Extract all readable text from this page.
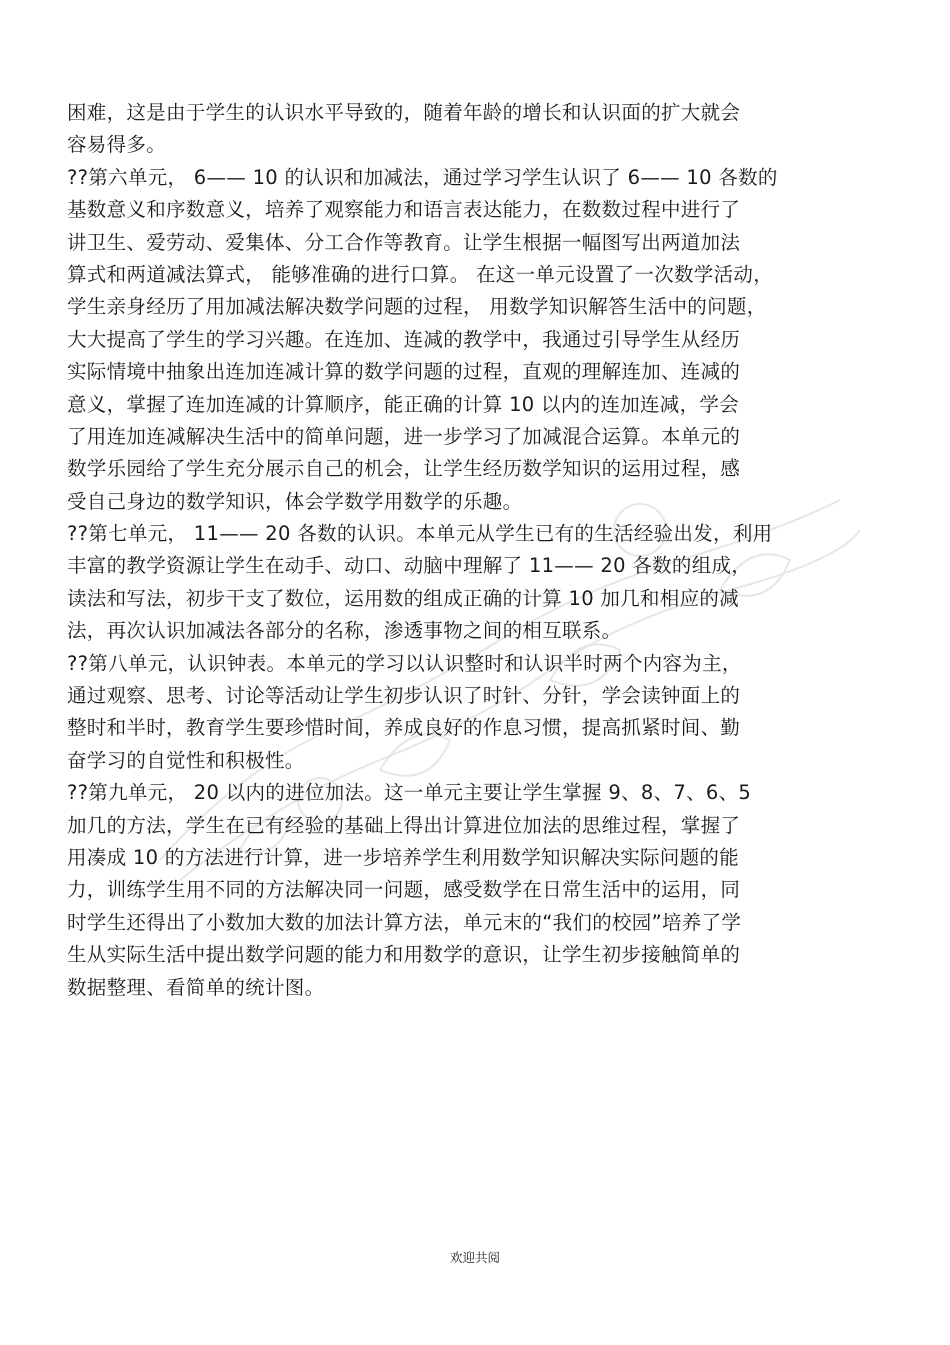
困难，这是由于学生的认识水平导致的，随着年龄的增长和认识面的扩大就会
容易得多。
??第六单元， 6—— 10 的认识和加减法，通过学习学生认识了 6—— 10 各数的
基数意义和序数意义，培养了观察能力和语言表达能力，在数数过程中进行了
讲卫生、爱劳动、爱集体、分工合作等教育。让学生根据一幅图写出两道加法
算式和两道减法算式， 能够准确的进行口算。 在这一单元设置了一次数学活动，
学生亲身经历了用加减法解决数学问题的过程， 用数学知识解答生活中的问题，
大大提高了学生的学习兴趣。在连加、连减的教学中，我通过引导学生从经历
实际情境中抽象出连加连减计算的数学问题的过程，直观的理解连加、连减的
意义，掌握了连加连减的计算顺序，能正确的计算 10 以内的连加连减，学会
了用连加连减解决生活中的简单问题，进一步学习了加减混合运算。本单元的
数学乐园给了学生充分展示自己的机会，让学生经历数学知识的运用过程，感
受自己身边的数学知识，体会学数学用数学的乐趣。
??第七单元， 11—— 20 各数的认识。本单元从学生已有的生活经验出发，利用
丰富的教学资源让学生在动手、动口、动脑中理解了 11—— 20 各数的组成，
读法和写法，初步干支了数位，运用数的组成正确的计算 10 加几和相应的减
法，再次认识加减法各部分的名称，渗透事物之间的相互联系。
??第八单元，认识钟表。本单元的学习以认识整时和认识半时两个内容为主，
通过观察、思考、讨论等活动让学生初步认识了时针、分针，学会读钟面上的
整时和半时，教育学生要珍惜时间，养成良好的作息习惯，提高抓紧时间、勤
奋学习的自觉性和积极性。
??第九单元， 20 以内的进位加法。这一单元主要让学生掌握 9、8、7、6、5
加几的方法，学生在已有经验的基础上得出计算进位加法的思维过程，掌握了
用凑成 10 的方法进行计算，进一步培养学生利用数学知识解决实际问题的能
力，训练学生用不同的方法解决同一问题，感受数学在日常生活中的运用，同
时学生还得出了小数加大数的加法计算方法，单元末的“我们的校园”培养了学
生从实际生活中提出数学问题的能力和用数学的意识，让学生初步接触简单的
数据整理、看简单的统计图。
欢迎共阅
